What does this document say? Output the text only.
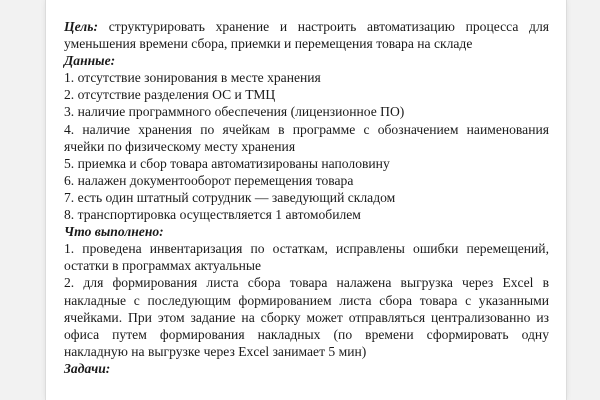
Цель: структурировать хранение и настроить автоматизацию процесса для
уменьшения времени сбора, приемки и перемещения товара на складе
Данные:
1. отсутствие зонирования в месте хранения
2. отсутствие разделения ОС и ТМЦ
3. наличие программного обеспечения (лицензионное ПО)
4. наличие хранения по ячейкам в программе с обозначением наименования
ячейки по физическому месту хранения
5. приемка и сбор товара автоматизированы наполовину
6. налажен документооборот перемещения товара
7. есть один штатный сотрудник — заведующий складом
8. транспортировка осуществляется 1 автомобилем
Что выполнено:
1. проведена инвентаризация по остаткам, исправлены ошибки перемещений,
остатки в программах актуальные
2. для формирования листа сбора товара налажена выгрузка через Excel в
накладные с последующим формированием листа сбора товара с указанными
ячейками. При этом задание на сборку может отправляться централизованно из
офиса путем формирования накладных (по времени сформировать одну
накладную на выгрузке через Excel занимает 5 мин)
Задачи:
